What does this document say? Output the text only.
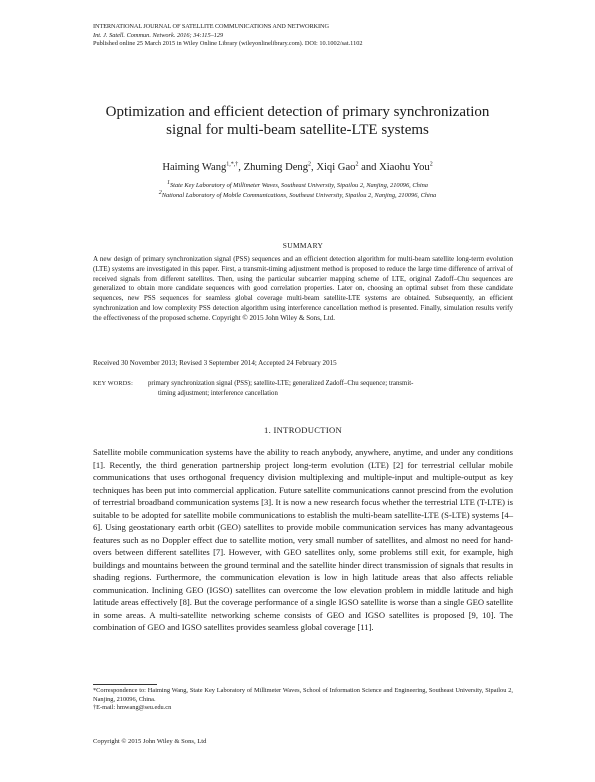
INTERNATIONAL JOURNAL OF SATELLITE COMMUNICATIONS AND NETWORKING
Int. J. Satell. Commun. Network. 2016; 34:115–129
Published online 25 March 2015 in Wiley Online Library (wileyonlinelibrary.com). DOI: 10.1002/sat.1102
Optimization and efficient detection of primary synchronization
signal for multi-beam satellite-LTE systems
Haiming Wang$^{1,*,\dagger}$, Zhuming Deng$^2$, Xiqi Gao$^2$ and Xiaohu You$^2$
$^1$State Key Laboratory of Millimeter Waves, Southeast University, Sipailou 2, Nanjing, 210096, China
$^2$National Laboratory of Mobile Communications, Southeast University, Sipailou 2, Nanjing, 210096, China
SUMMARY
A new design of primary synchronization signal (PSS) sequences and an efficient detection algorithm for multi-beam satellite long-term evolution (LTE) systems are investigated in this paper. First, a transmit-timing adjustment method is proposed to reduce the large time difference of arrival of received signals from different satellites. Then, using the particular subcarrier mapping scheme of LTE, original Zadoff–Chu sequences are generalized to obtain more candidate sequences with good correlation properties. Later on, choosing an optimal subset from these candidate sequences, new PSS sequences for seamless global coverage multi-beam satellite-LTE systems are obtained. Subsequently, an efficient synchronization and low complexity PSS detection algorithm using interference cancellation method is presented. Finally, simulation results verify the effectiveness of the proposed scheme. Copyright © 2015 John Wiley & Sons, Ltd.
Received 30 November 2013; Revised 3 September 2014; Accepted 24 February 2015
KEY WORDS: primary synchronization signal (PSS); satellite-LTE; generalized Zadoff–Chu sequence; transmit-
timing adjustment; interference cancellation
1. INTRODUCTION
Satellite mobile communication systems have the ability to reach anybody, anywhere, anytime, and under any conditions [1]. Recently, the third generation partnership project long-term evolution (LTE) [2] for terrestrial cellular mobile communications that uses orthogonal frequency division multiplexing and multiple-input and multiple-output as key techniques has been put into commercial application. Future satellite communications cannot prescind from the evolution of terrestrial broadband communication systems [3]. It is now a new research focus whether the terrestrial LTE (T-LTE) is suitable to be adopted for satellite mobile communications to establish the multi-beam satellite-LTE (S-LTE) systems [4–6]. Using geostationary earth orbit (GEO) satellites to provide mobile communication services has many advantageous features such as no Doppler effect due to satellite motion, very small number of satellites, and almost no need for hand-overs between different satellites [7]. However, with GEO satellites only, some problems still exit, for example, high buildings and mountains between the ground terminal and the satellite hinder direct transmission of signals that results in shading regions. Furthermore, the communication elevation is low in high latitude areas that also affects reliable communication. Inclining GEO (IGSO) satellites can overcome the low elevation problem in middle latitude and high latitude areas effectively [8]. But the coverage performance of a single IGSO satellite is worse than a single GEO satellite in some areas. A multi-satellite networking scheme consists of GEO and IGSO satellites is proposed [9, 10]. The combination of GEO and IGSO satellites provides seamless global coverage [11].
*Correspondence to: Haiming Wang, State Key Laboratory of Millimeter Waves, School of Information Science and Engineering, Southeast University, Sipailou 2, Nanjing, 210096, China.
†E-mail: hmwang@seu.edu.cn
Copyright © 2015 John Wiley & Sons, Ltd
